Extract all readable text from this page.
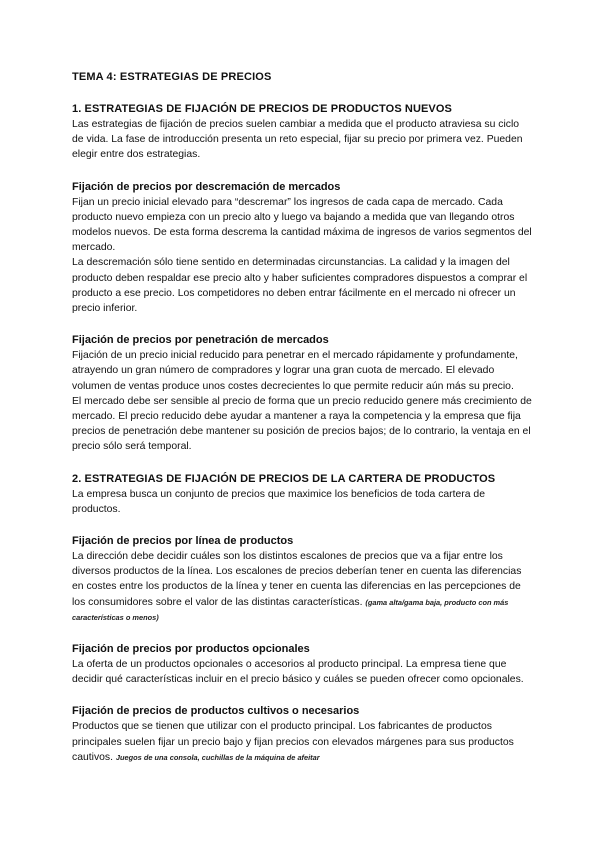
TEMA 4: ESTRATEGIAS DE PRECIOS
1. ESTRATEGIAS DE FIJACIÓN DE PRECIOS DE PRODUCTOS NUEVOS

Las estrategias de fijación de precios suelen cambiar a medida que el producto atraviesa su ciclo de vida. La fase de introducción presenta un reto especial, fijar su precio por primera vez. Pueden elegir entre dos estrategias.

Fijación de precios por descremación de mercados

Fijan un precio inicial elevado para “descremar” los ingresos de cada capa de mercado. Cada producto nuevo empieza con un precio alto y luego va bajando a medida que van llegando otros modelos nuevos. De esta forma descrema la cantidad máxima de ingresos de varios segmentos del mercado.

La descremación sólo tiene sentido en determinadas circunstancias. La calidad y la imagen del producto deben respaldar ese precio alto y haber suficientes compradores dispuestos a comprar el producto a ese precio. Los competidores no deben entrar fácilmente en el mercado ni ofrecer un precio inferior.

Fijación de precios por penetración de mercados

Fijación de un precio inicial reducido para penetrar en el mercado rápidamente y profundamente, atrayendo un gran número de compradores y lograr una gran cuota de mercado. El elevado volumen de ventas produce unos costes decrecientes lo que permite reducir aún más su precio.

El mercado debe ser sensible al precio de forma que un precio reducido genere más crecimiento de mercado. El precio reducido debe ayudar a mantener a raya la competencia y la empresa que fija precios de penetración debe mantener su posición de precios bajos; de lo contrario, la ventaja en el precio sólo será temporal.

2. ESTRATEGIAS DE FIJACIÓN DE PRECIOS DE LA CARTERA DE PRODUCTOS

La empresa busca un conjunto de precios que maximice los beneficios de toda cartera de productos.

Fijación de precios por línea de productos

La dirección debe decidir cuáles son los distintos escalones de precios que va a fijar entre los diversos productos de la línea. Los escalones de precios deberían tener en cuenta las diferencias en costes entre los productos de la línea y tener en cuenta las diferencias en las percepciones de los consumidores sobre el valor de las distintas características. (gama alta/gama baja, producto con más características o menos)

Fijación de precios por productos opcionales

La oferta de un productos opcionales o accesorios al producto principal. La empresa tiene que decidir qué características incluir en el precio básico y cuáles se pueden ofrecer como opcionales.

Fijación de precios de productos cultivos o necesarios

Productos que se tienen que utilizar con el producto principal. Los fabricantes de productos principales suelen fijar un precio bajo y fijan precios con elevados márgenes para sus productos cautivos. Juegos de una consola, cuchillas de la máquina de afeitar
